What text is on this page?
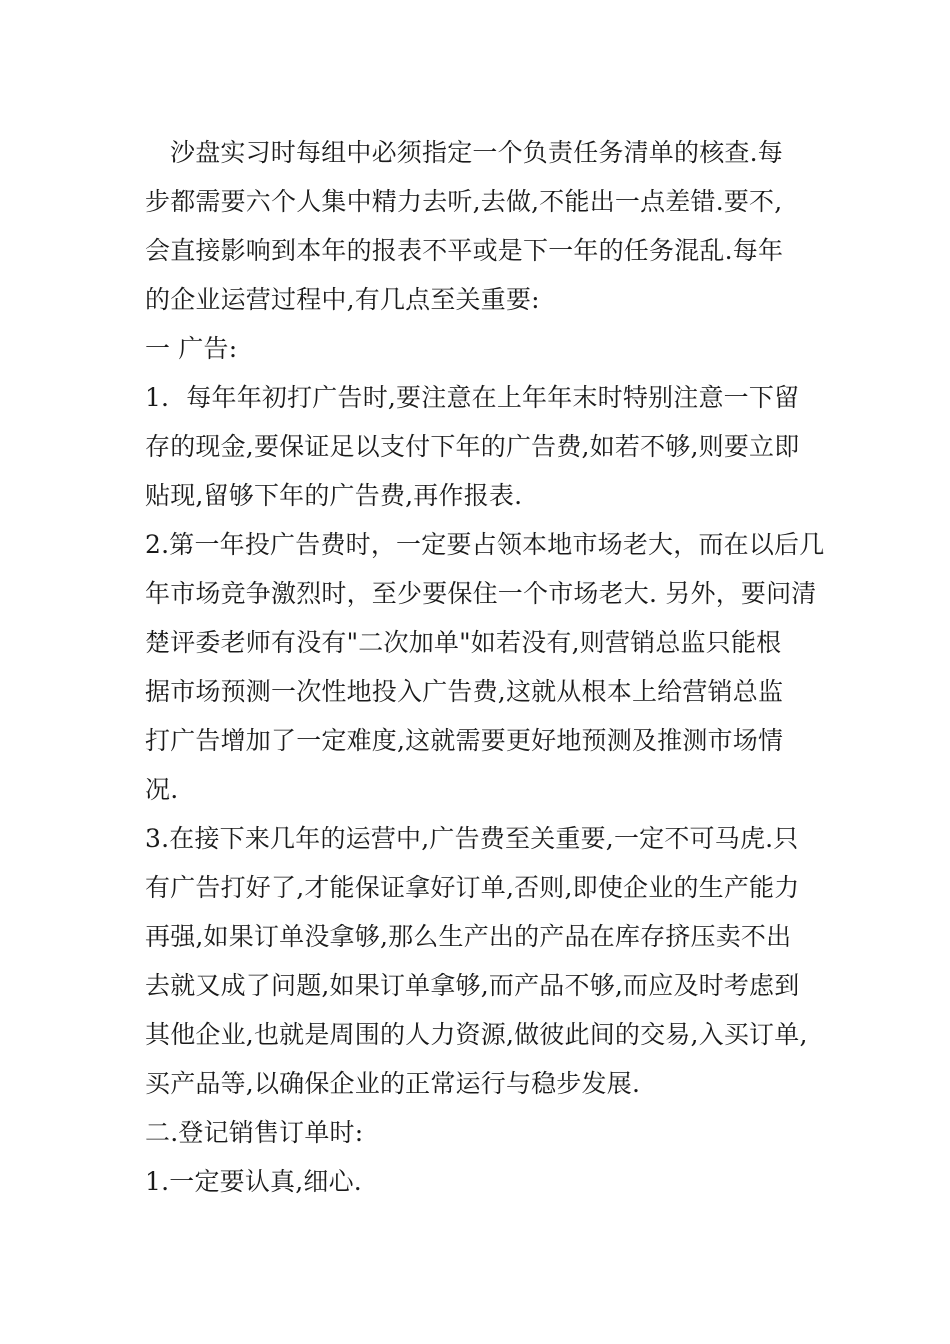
沙盘实习时每组中必须指定一个负责任务清单的核查.每
步都需要六个人集中精力去听,去做,不能出一点差错.要不,
会直接影响到本年的报表不平或是下一年的任务混乱.每年
的企业运营过程中,有几点至关重要:
一 广告:
1．每年年初打广告时,要注意在上年年末时特别注意一下留
存的现金,要保证足以支付下年的广告费,如若不够,则要立即
贴现,留够下年的广告费,再作报表.
2.第一年投广告费时，一定要占领本地市场老大，而在以后几
年市场竞争激烈时，至少要保住一个市场老大. 另外，要问清
楚评委老师有没有"二次加单"如若没有,则营销总监只能根
据市场预测一次性地投入广告费,这就从根本上给营销总监
打广告增加了一定难度,这就需要更好地预测及推测市场情
况.
3.在接下来几年的运营中,广告费至关重要,一定不可马虎.只
有广告打好了,才能保证拿好订单,否则,即使企业的生产能力
再强,如果订单没拿够,那么生产出的产品在库存挤压卖不出
去就又成了问题,如果订单拿够,而产品不够,而应及时考虑到
其他企业,也就是周围的人力资源,做彼此间的交易,入买订单,
买产品等,以确保企业的正常运行与稳步发展.
二.登记销售订单时:
1.一定要认真,细心.
